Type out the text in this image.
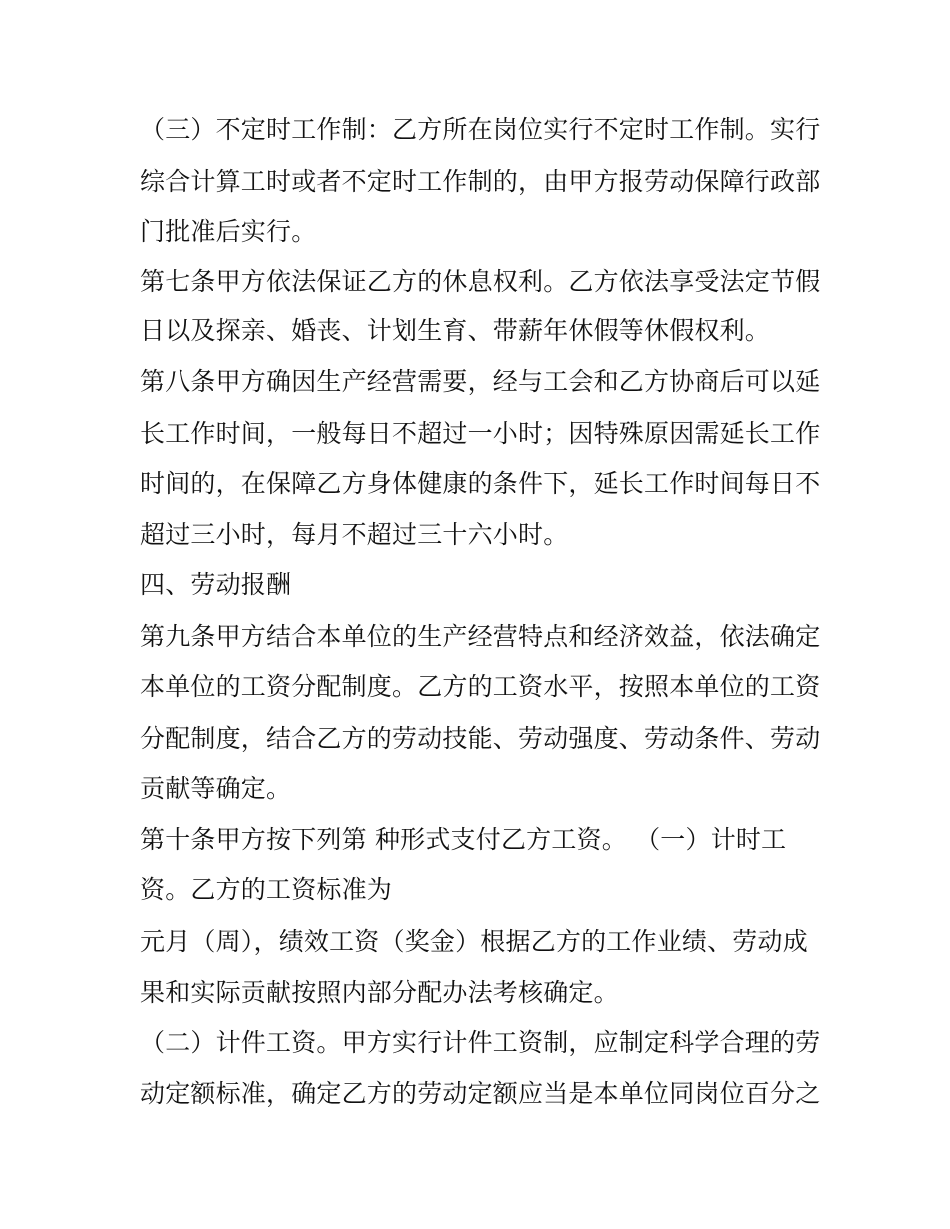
（三）不定时工作制：乙方所在岗位实行不定时工作制。实行
综合计算工时或者不定时工作制的，由甲方报劳动保障行政部
门批准后实行。
第七条甲方依法保证乙方的休息权利。乙方依法享受法定节假
日以及探亲、婚丧、计划生育、带薪年休假等休假权利。
第八条甲方确因生产经营需要，经与工会和乙方协商后可以延
长工作时间，一般每日不超过一小时；因特殊原因需延长工作
时间的，在保障乙方身体健康的条件下，延长工作时间每日不
超过三小时，每月不超过三十六小时。
四、劳动报酬
第九条甲方结合本单位的生产经营特点和经济效益，依法确定
本单位的工资分配制度。乙方的工资水平，按照本单位的工资
分配制度，结合乙方的劳动技能、劳动强度、劳动条件、劳动
贡献等确定。
第十条甲方按下列第 种形式支付乙方工资。 （一）计时工
资。乙方的工资标准为
元月（周），绩效工资（奖金）根据乙方的工作业绩、劳动成
果和实际贡献按照内部分配办法考核确定。
（二）计件工资。甲方实行计件工资制，应制定科学合理的劳
动定额标准，确定乙方的劳动定额应当是本单位同岗位百分之
